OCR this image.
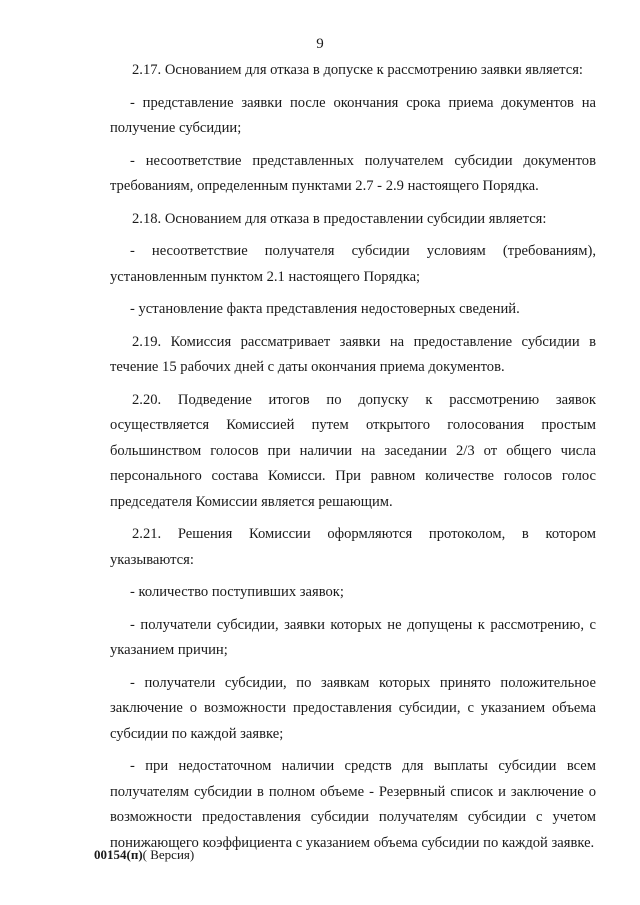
9

2.17. Основанием для отказа в допуске к рассмотрению заявки является:

- представление заявки после окончания срока приема документов на получение субсидии;

- несоответствие представленных получателем субсидии документов требованиям, определенным пунктами 2.7 - 2.9 настоящего Порядка.

2.18. Основанием для отказа в предоставлении субсидии является:

- несоответствие получателя субсидии условиям (требованиям), установленным пунктом 2.1 настоящего Порядка;

- установление факта представления недостоверных сведений.

2.19. Комиссия рассматривает заявки на предоставление субсидии в течение 15 рабочих дней с даты окончания приема документов.

2.20. Подведение итогов по допуску к рассмотрению заявок осуществляется Комиссией путем открытого голосования простым большинством голосов при наличии на заседании 2/3 от общего числа персонального состава Комисси. При равном количестве голосов голос председателя Комиссии является решающим.

2.21. Решения Комиссии оформляются протоколом, в котором указываются:

- количество поступивших заявок;

- получатели субсидии, заявки которых не допущены к рассмотрению, с указанием причин;

- получатели субсидии, по заявкам которых принято положительное заключение о возможности предоставления субсидии, с указанием объема субсидии по каждой заявке;

- при недостаточном наличии средств для выплаты субсидии всем получателям субсидии в полном объеме - Резервный список и заключение о возможности предоставления субсидии получателям субсидии с учетом понижающего коэффициента с указанием объема субсидии по каждой заявке.

00154(п)( Версия)
